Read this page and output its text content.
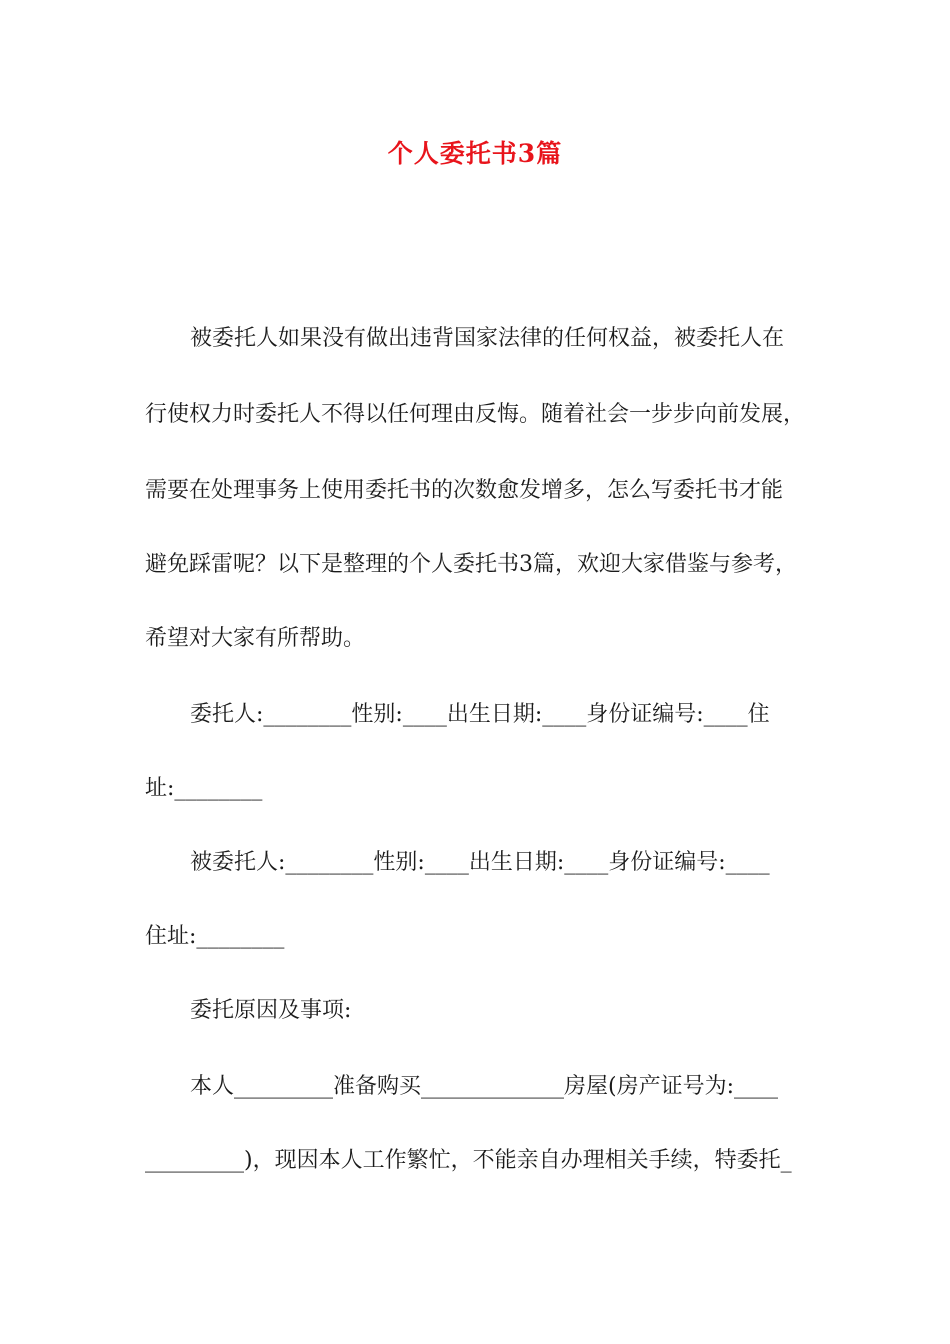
个人委托书3篇
被委托人如果没有做出违背国家法律的任何权益，被委托人在
行使权力时委托人不得以任何理由反悔。随着社会一步步向前发展，
需要在处理事务上使用委托书的次数愈发增多，怎么写委托书才能
避免踩雷呢？以下是整理的个人委托书3篇，欢迎大家借鉴与参考，
希望对大家有所帮助。
委托人:________性别:____出生日期:____身份证编号:____住
址:________
被委托人:________性别:____出生日期:____身份证编号:____
住址:________
委托原因及事项:
本人_________准备购买_____________房屋(房产证号为:____
_________)，现因本人工作繁忙，不能亲自办理相关手续，特委托_
